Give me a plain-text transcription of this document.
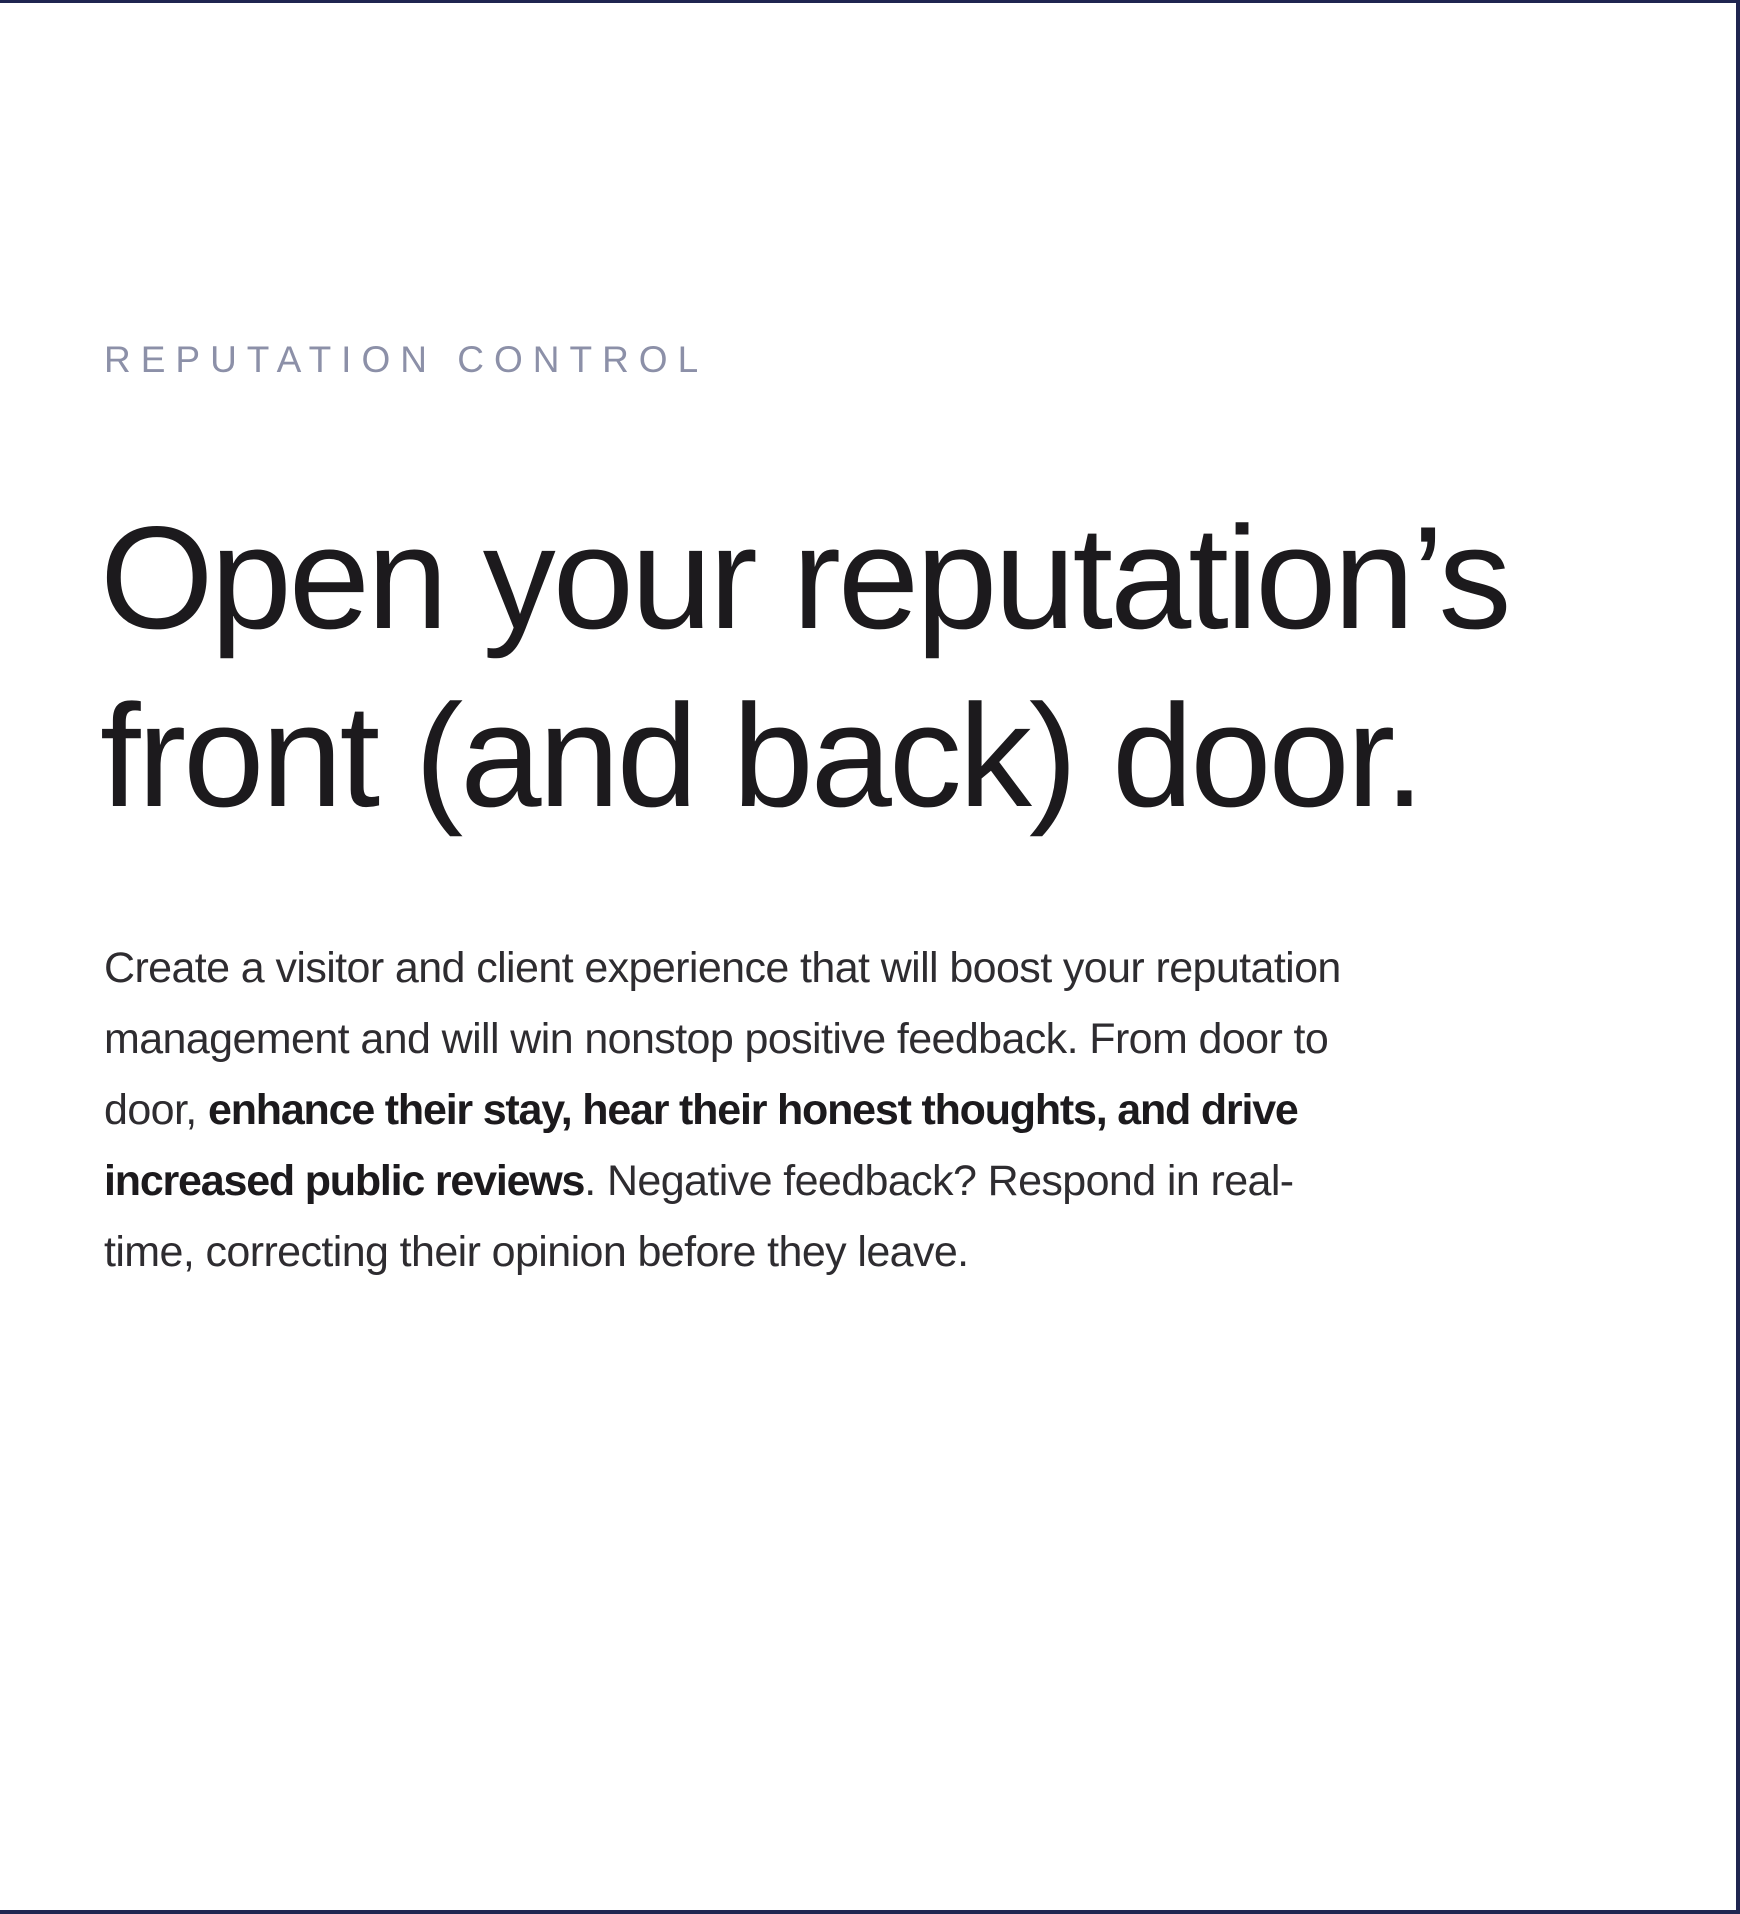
REPUTATION CONTROL
Open your reputation’s
front (and back) door.

Create a visitor and client experience that will boost your reputation management and will win nonstop positive feedback. From door to door, enhance their stay, hear their honest thoughts, and drive increased public reviews. Negative feedback? Respond in real-time, correcting their opinion before they leave.
